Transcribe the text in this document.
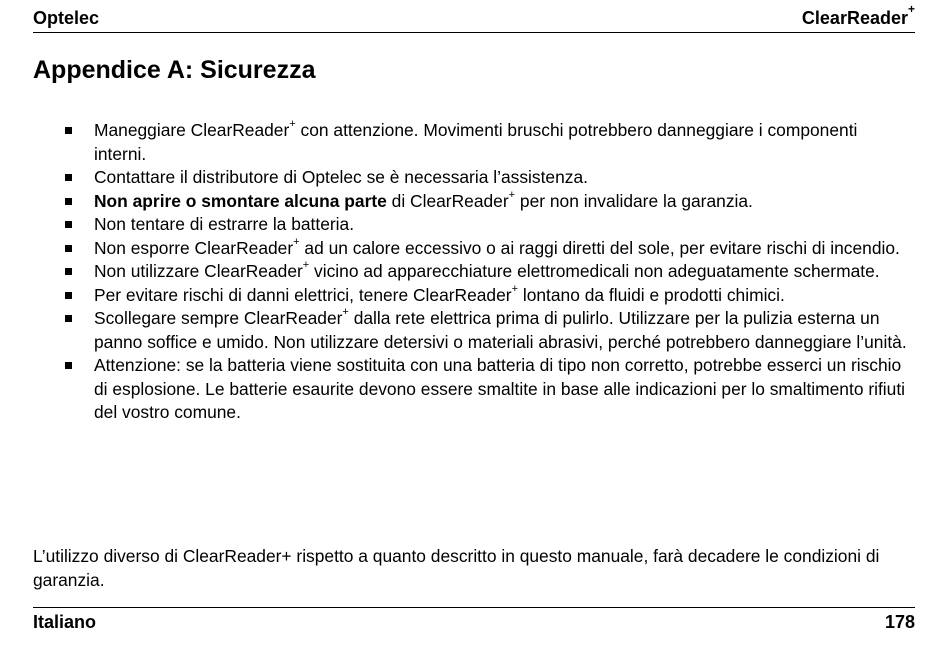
Optelec	ClearReader+
Appendice A: Sicurezza
Maneggiare ClearReader+ con attenzione. Movimenti bruschi potrebbero danneggiare i componenti interni.
Contattare il distributore di Optelec se è necessaria l’assistenza.
Non aprire o smontare alcuna parte di ClearReader+ per non invalidare la garanzia.
Non tentare di estrarre la batteria.
Non esporre ClearReader+ ad un calore eccessivo o ai raggi diretti del sole, per evitare rischi di incendio.
Non utilizzare ClearReader+ vicino ad apparecchiature elettromedicali non adeguatamente schermate.
Per evitare rischi di danni elettrici, tenere ClearReader+ lontano da fluidi e prodotti chimici.
Scollegare sempre ClearReader+ dalla rete elettrica prima di pulirlo. Utilizzare per la pulizia esterna un panno soffice e umido. Non utilizzare detersivi o materiali abrasivi, perché potrebbero danneggiare l’unità.
Attenzione: se la batteria viene sostituita con una batteria di tipo non corretto, potrebbe esserci un rischio di esplosione. Le batterie esaurite devono essere smaltite in base alle indicazioni per lo smaltimento rifiuti del vostro comune.

L’utilizzo diverso di ClearReader+ rispetto a quanto descritto in questo manuale, farà decadere le condizioni di garanzia.

Italiano	178
